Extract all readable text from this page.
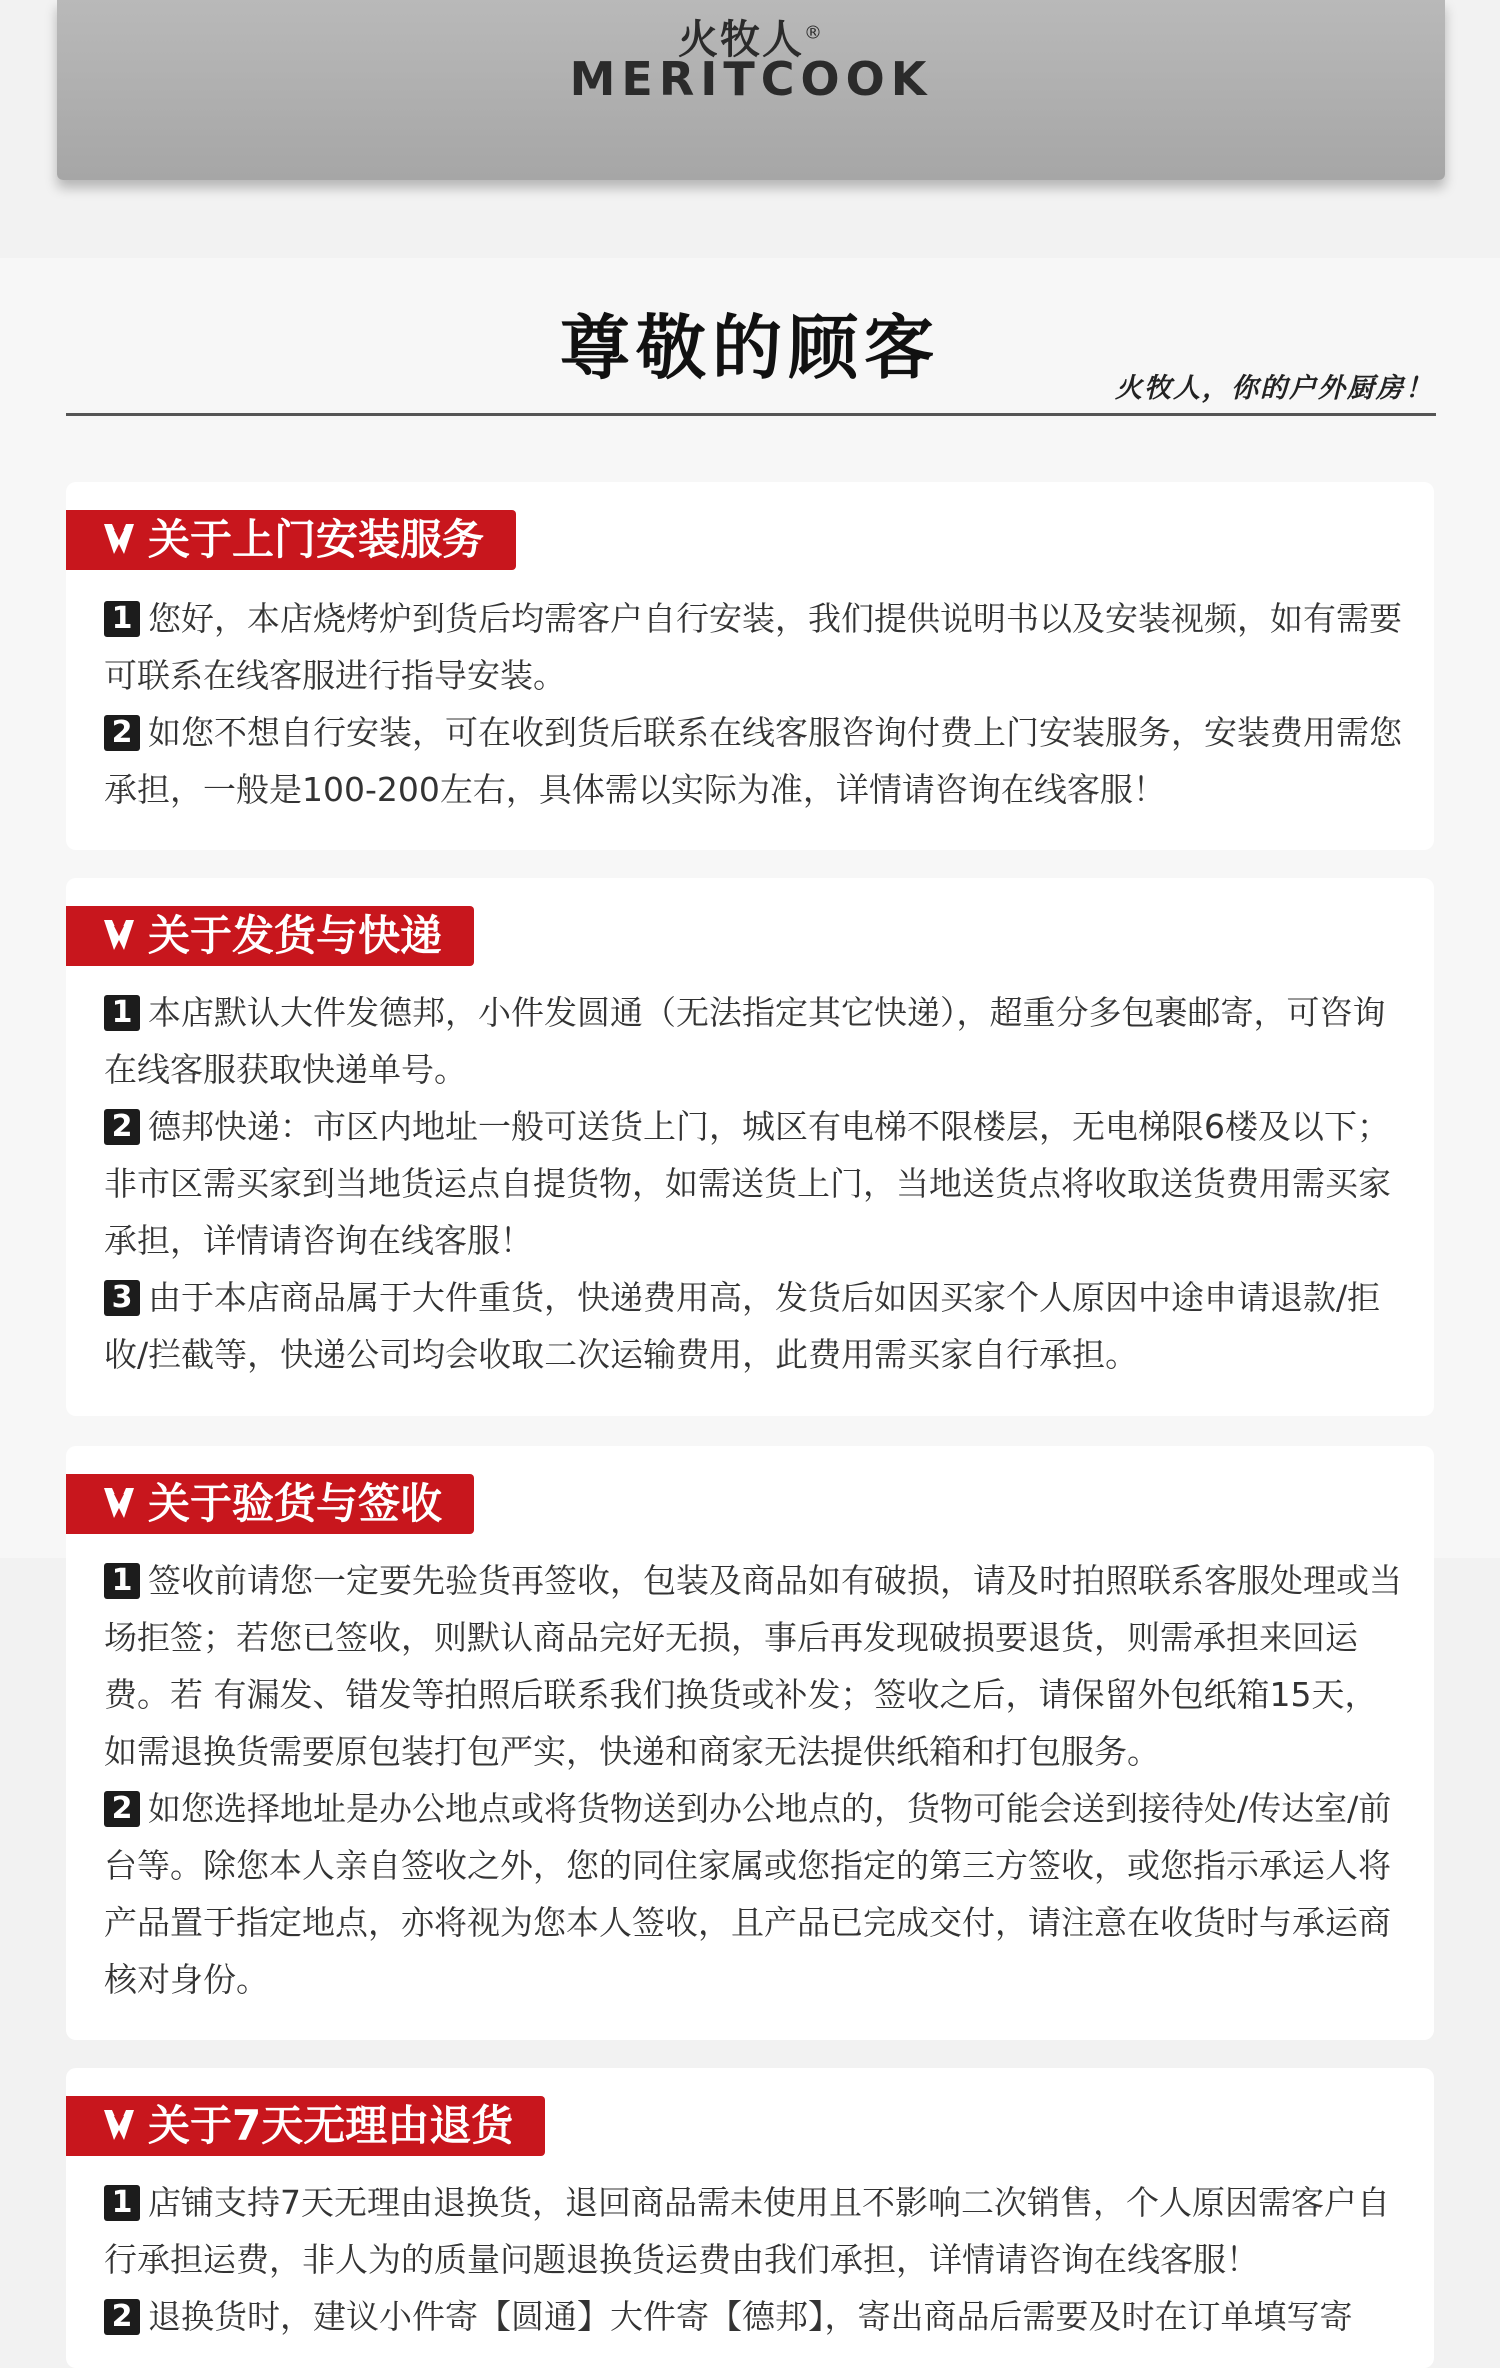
火牧人®
MERITCOOK
尊敬的顾客	火牧人，你的户外厨房！
关于上门安装服务

1 您好，本店烧烤炉到货后均需客户自行安装，我们提供说明书以及安装视频，如有需要可联系在线客服进行指导安装。

2 如您不想自行安装，可在收到货后联系在线客服咨询付费上门安装服务，安装费用需您承担，一般是100-200左右，具体需以实际为准，详情请咨询在线客服！

关于发货与快递

1 本店默认大件发德邦，小件发圆通（无法指定其它快递），超重分多包裹邮寄，可咨询在线客服获取快递单号。

2 德邦快递：市区内地址一般可送货上门，城区有电梯不限楼层，无电梯限6楼及以下；非市区需买家到当地货运点自提货物，如需送货上门，当地送货点将收取送货费用需买家承担，详情请咨询在线客服！

3 由于本店商品属于大件重货，快递费用高，发货后如因买家个人原因中途申请退款/拒收/拦截等，快递公司均会收取二次运输费用，此费用需买家自行承担。

关于验货与签收

1 签收前请您一定要先验货再签收，包装及商品如有破损，请及时拍照联系客服处理或当场拒签；若您已签收，则默认商品完好无损，事后再发现破损要退货，则需承担来回运费。若 有漏发、错发等拍照后联系我们换货或补发；签收之后，请保留外包纸箱15天，如需退换货需要原包装打包严实，快递和商家无法提供纸箱和打包服务。

2 如您选择地址是办公地点或将货物送到办公地点的，货物可能会送到接待处/传达室/前台等。除您本人亲自签收之外，您的同住家属或您指定的第三方签收，或您指示承运人将产品置于指定地点，亦将视为您本人签收，且产品已完成交付，请注意在收货时与承运商核对身份。

关于7天无理由退货

1 店铺支持7天无理由退换货，退回商品需未使用且不影响二次销售，个人原因需客户自行承担运费，非人为的质量问题退换货运费由我们承担，详情请咨询在线客服！

2 退换货时，建议小件寄【圆通】大件寄【德邦】，寄出商品后需要及时在订单填写寄
